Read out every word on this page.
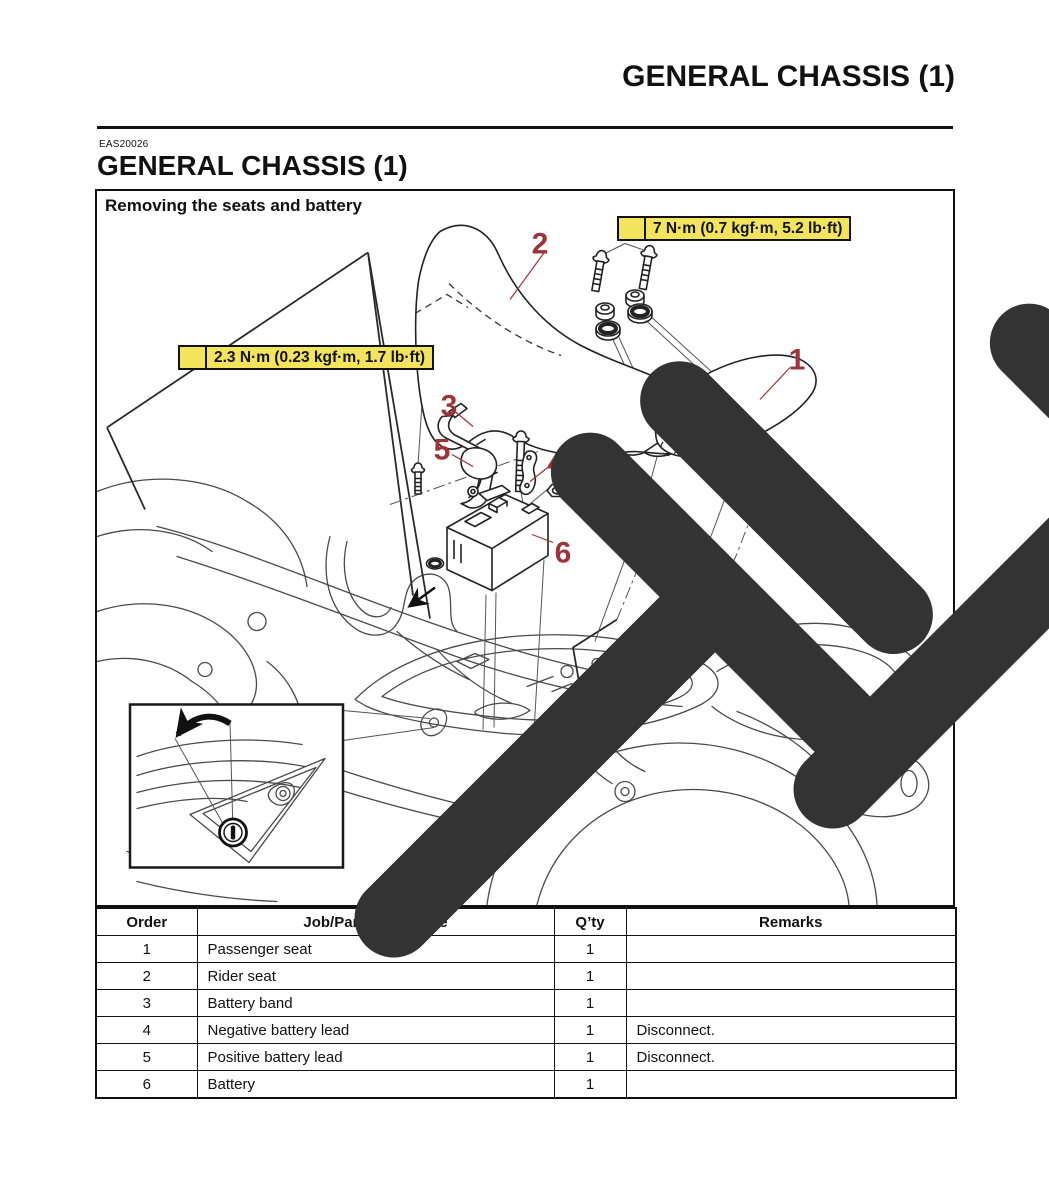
GENERAL CHASSIS (1)
EAS20026
GENERAL CHASSIS (1)
Removing the seats and battery
7 N·m (0.7 kgf·m, 5.2 lb·ft)
2.3 N·m (0.23 kgf·m, 1.7 lb·ft)	1
2
3
4
5
6
Order	Job/Parts to remove	Q’ty	Remarks
1	Passenger seat	1	
2	Rider seat	1	
3	Battery band	1	
4	Negative battery lead	1	Disconnect.
5	Positive battery lead	1	Disconnect.
6	Battery	1	
